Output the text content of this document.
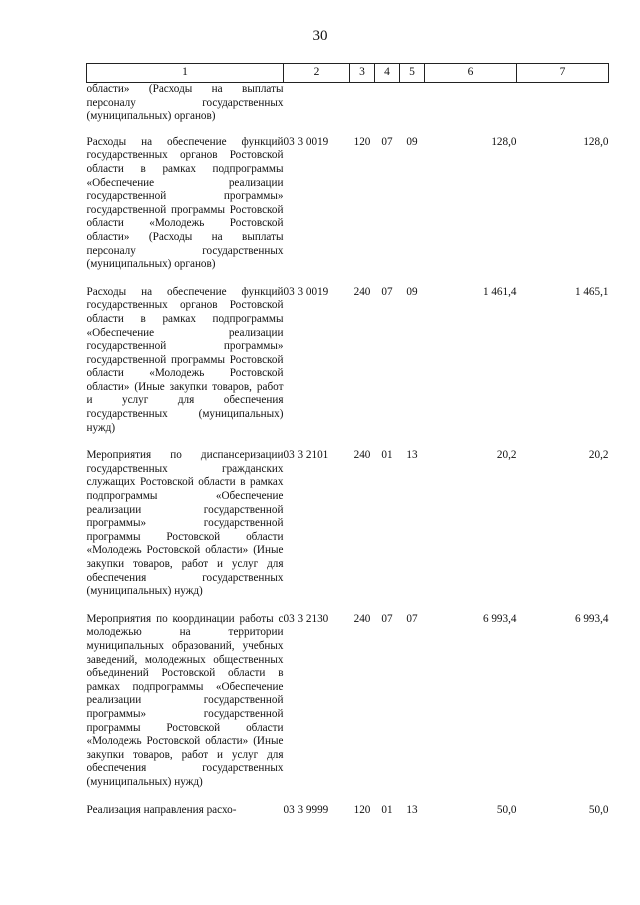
30
1	2	3	4	5	6	7
области» (Расходы на выплаты персоналу государственных (муниципальных) органов)						
Расходы на обеспечение функций государственных органов Ростовской области в рамках подпрограммы «Обеспечение реализации государственной программы» государственной программы Ростовской области «Молодежь Ростовской области» (Расходы на выплаты персоналу государственных (муниципальных) органов)	03 3 0019	120	07	09	128,0	128,0
Расходы на обеспечение функций государственных органов Ростовской области в рамках подпрограммы «Обеспечение реализации государственной программы» государственной программы Ростовской области «Молодежь Ростовской области» (Иные закупки товаров, работ и услуг для обеспечения государственных (муниципальных) нужд)	03 3 0019	240	07	09	1 461,4	1 465,1
Мероприятия по диспансеризации государственных гражданских служащих Ростовской области в рамках подпрограммы «Обеспечение реализации государственной программы» государственной программы Ростовской области «Молодежь Ростовской области» (Иные закупки товаров, работ и услуг для обеспечения государственных (муниципальных) нужд)	03 3 2101	240	01	13	20,2	20,2
Мероприятия по координации работы с молодежью на территории муниципальных образований, учебных заведений, молодежных общественных объединений Ростовской области в рамках подпрограммы «Обеспечение реализации государственной программы» государственной программы Ростовской области «Молодежь Ростовской области» (Иные закупки товаров, работ и услуг для обеспечения государственных (муниципальных) нужд)	03 3 2130	240	07	07	6 993,4	6 993,4
Реализация направления расхо-	03 3 9999	120	01	13	50,0	50,0
